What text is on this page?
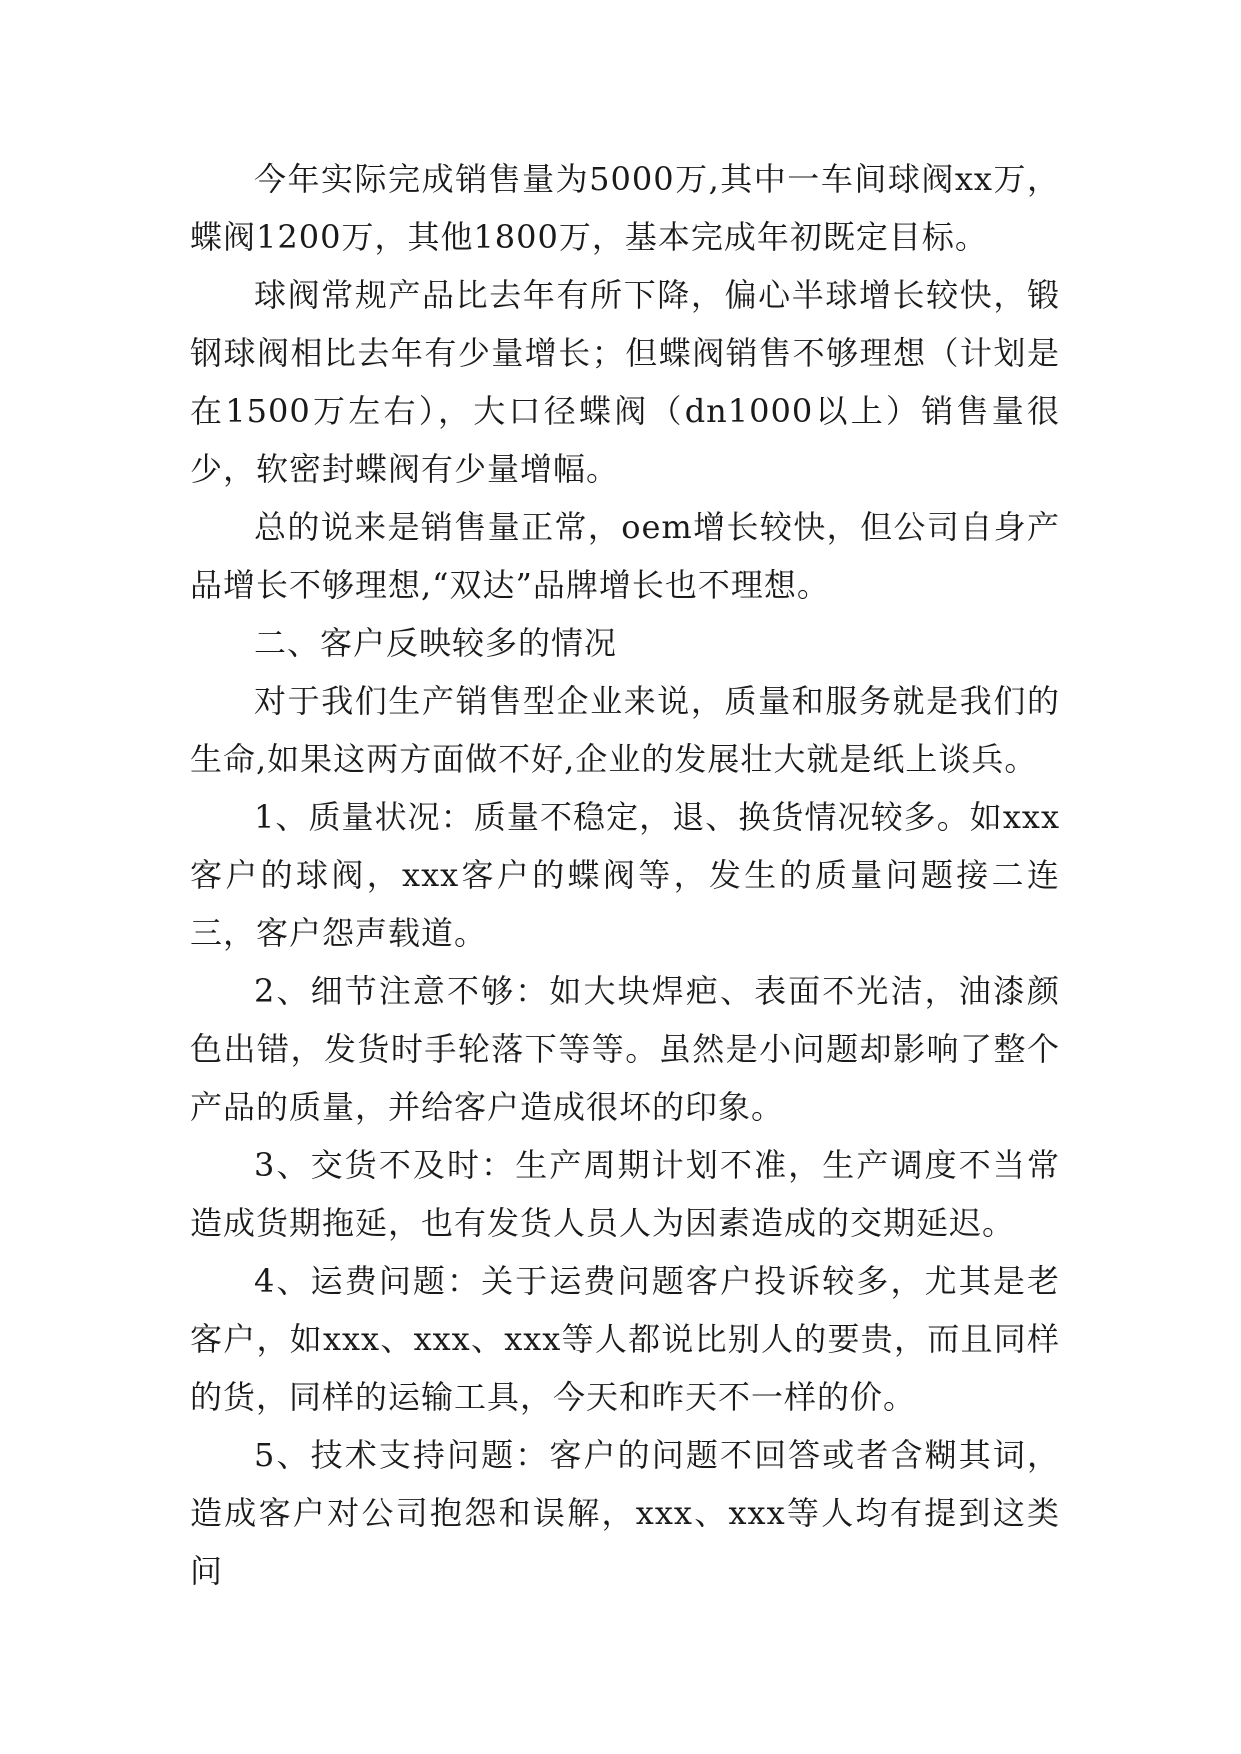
今年实际完成销售量为5000万,其中一车间球阀xx万，蝶阀1200万，其他1800万，基本完成年初既定目标。

球阀常规产品比去年有所下降，偏心半球增长较快，锻钢球阀相比去年有少量增长；但蝶阀销售不够理想（计划是在1500万左右），大口径蝶阀（dn1000以上）销售量很少，软密封蝶阀有少量增幅。

总的说来是销售量正常，oem增长较快，但公司自身产品增长不够理想,“双达”品牌增长也不理想。

二、客户反映较多的情况

对于我们生产销售型企业来说，质量和服务就是我们的生命,如果这两方面做不好,企业的发展壮大就是纸上谈兵。

1、质量状况：质量不稳定，退、换货情况较多。如xxx客户的球阀，xxx客户的蝶阀等，发生的质量问题接二连三，客户怨声载道。

2、细节注意不够：如大块焊疤、表面不光洁，油漆颜色出错，发货时手轮落下等等。虽然是小问题却影响了整个产品的质量，并给客户造成很坏的印象。

3、交货不及时：生产周期计划不准，生产调度不当常造成货期拖延，也有发货人员人为因素造成的交期延迟。

4、运费问题：关于运费问题客户投诉较多，尤其是老客户，如xxx、xxx、xxx等人都说比别人的要贵，而且同样的货，同样的运输工具，今天和昨天不一样的价。

5、技术支持问题：客户的问题不回答或者含糊其词，造成客户对公司抱怨和误解，xxx、xxx等人均有提到这类问
